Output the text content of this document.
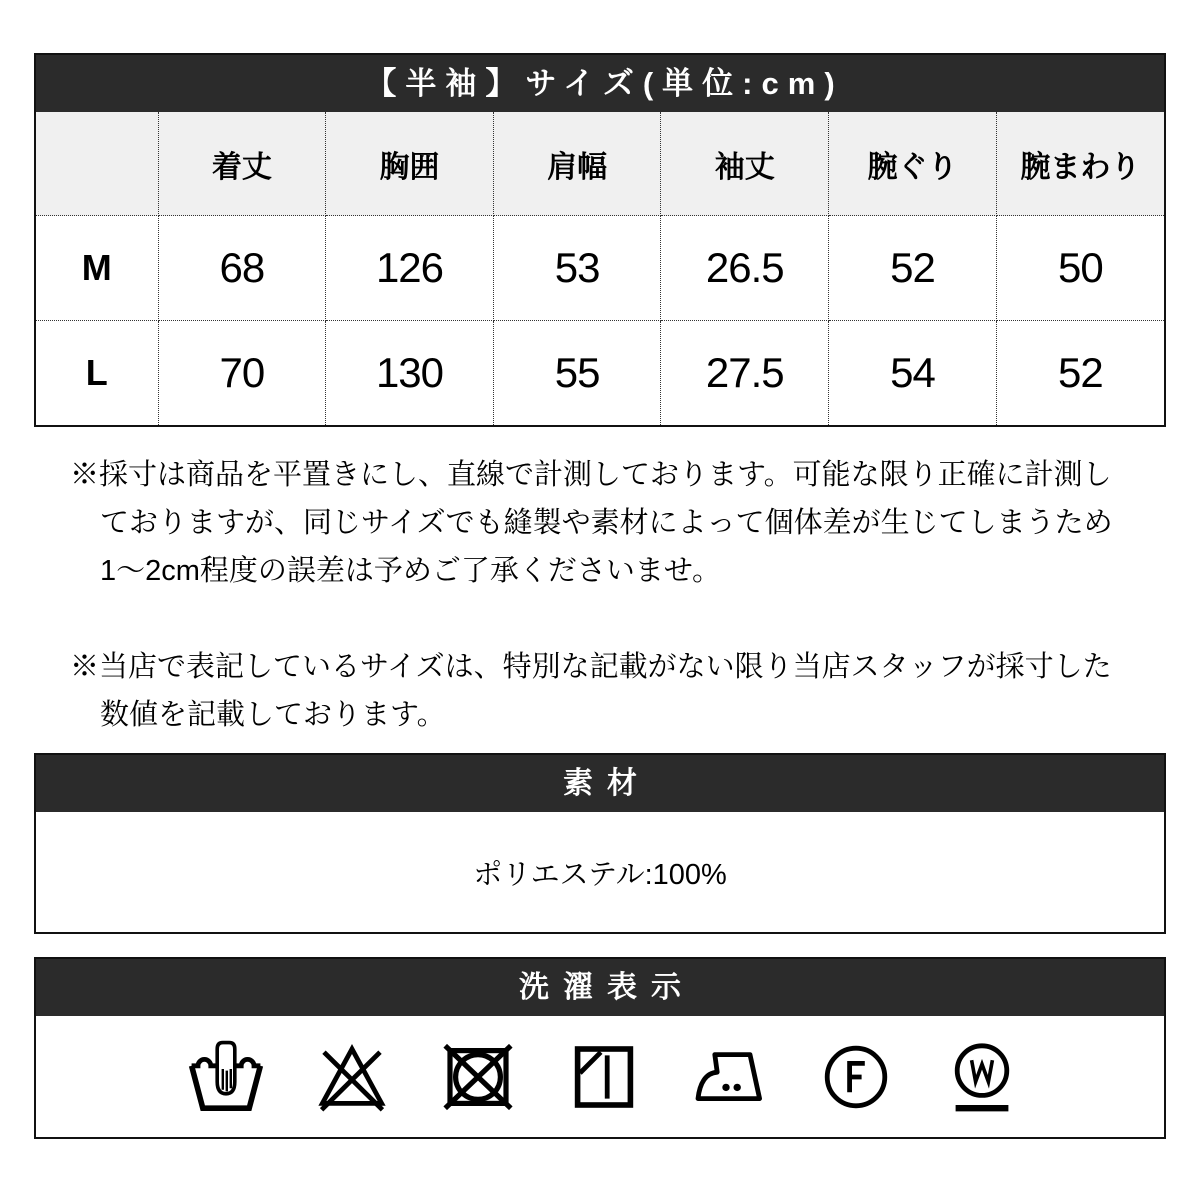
【半袖】サイズ(単位:cm)
	着丈	胸囲	肩幅	袖丈	腕ぐり	腕まわり
M	68	126	53	26.5	52	50
L	70	130	55	27.5	54	52

※採寸は商品を平置きにし、直線で計測しております。可能な限り正確に計測しておりますが、同じサイズでも縫製や素材によって個体差が生じてしまうため1〜2cm程度の誤差は予めご了承くださいませ。

※当店で表記しているサイズは、特別な記載がない限り当店スタッフが採寸した数値を記載しております。

素材
ポリエステル:100%
洗濯表示
